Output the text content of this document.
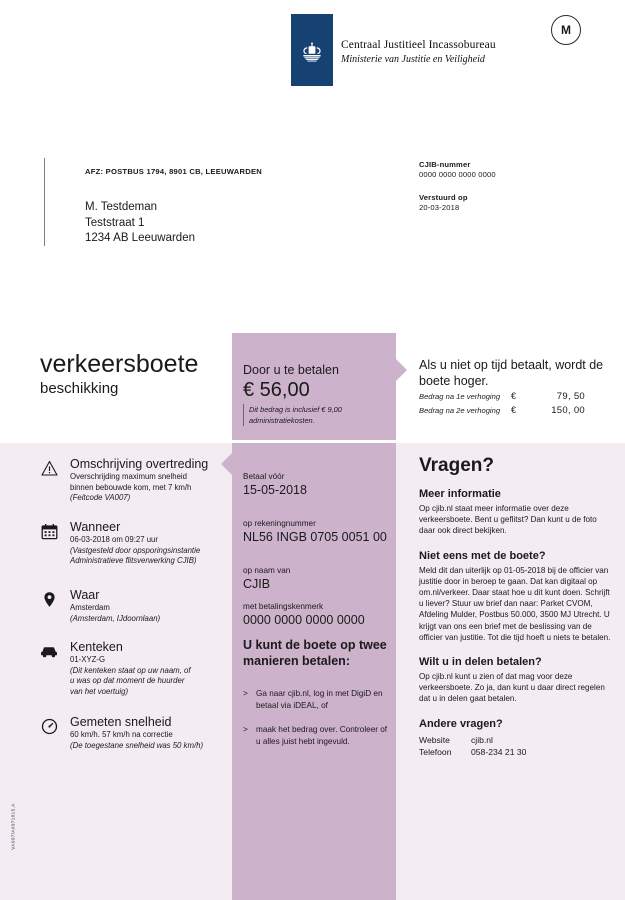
Centraal Justitieel Incassobureau
Ministerie van Justitie en Veiligheid
M
AFZ: POSTBUS 1794, 8901 CB, LEEUWARDEN
M. Testdeman
Teststraat 1
1234 AB Leeuwarden
CJIB-nummer
0000 0000 0000 0000
Verstuurd op
20-03-2018
verkeersboete
beschikking
Door u te betalen
€ 56,00
Dit bedrag is inclusief € 9,00 administratiekosten.
Betaal vóór
15-05-2018
op rekeningnummer
NL56 INGB 0705 0051 00
op naam van
CJIB
met betalingskenmerk
0000 0000 0000 0000
U kunt de boete op twee manieren betalen:
> Ga naar cjib.nl, log in met DigiD en betaal via iDEAL, of
> maak het bedrag over. Controleer of u alles juist hebt ingevuld.
Omschrijving overtreding
Overschrijding maximum snelheid
binnen bebouwde kom, met 7 km/h
(Feitcode VA007)
Wanneer
06-03-2018 om 09:27 uur
(Vastgesteld door opsporingsinstantie
Administratieve flitsverwerking CJIB)
Waar
Amsterdam
(Amsterdam, IJdoornlaan)
Kenteken
01-XYZ-G
(Dit kenteken staat op uw naam, of
u was op dat moment de huurder
van het voertuig)
Gemeten snelheid
60 km/h. 57 km/h na correctie
(De toegestane snelheid was 50 km/h)
Als u niet op tijd betaalt, wordt de boete hoger.
Bedrag na 1e verhoging	€	79, 50
Bedrag na 2e verhoging	€	150, 00
Vragen?
Meer informatie
Op cjib.nl staat meer informatie over deze verkeersboete. Bent u geflitst? Dan kunt u de foto daar ook direct bekijken.
Niet eens met de boete?
Meld dit dan uiterlijk op 01-05-2018 bij de officier van justitie door in beroep te gaan. Dat kan digitaal op om.nl/verkeer. Daar staat hoe u dit kunt doen. Schrijft u liever? Stuur uw brief dan naar: Parket CVOM, Afdeling Mulder, Postbus 50.000, 3500 MJ Utrecht. U krijgt van ons een brief met de beslissing van de officier van justitie. Tot die tijd hoeft u niets te betalen.
Wilt u in delen betalen?
Op cjib.nl kunt u zien of dat mag voor deze verkeersboete. Zo ja, dan kunt u daar direct regelen dat u in delen gaat betalen.
Andere vragen?
Website	cjib.nl
Telefoon	058-234 21 30
VA007/A0971015.A
